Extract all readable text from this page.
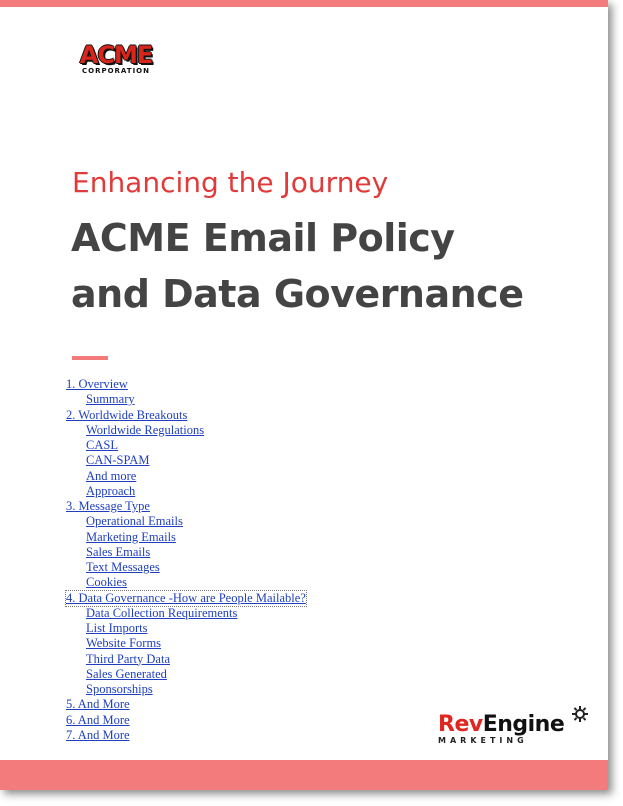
ACME
CORPORATION
Enhancing the Journey
ACME Email Policy
and Data Governance
1. Overview
Summary
2. Worldwide Breakouts
Worldwide Regulations
CASL
CAN-SPAM
And more
Approach
3. Message Type
Operational Emails
Marketing Emails
Sales Emails
Text Messages
Cookies
4. Data Governance -How are People Mailable?
Data Collection Requirements
List Imports
Website Forms
Third Party Data
Sales Generated
Sponsorships
5. And More
6. And More
7. And More	RevEngine
MARKETING
